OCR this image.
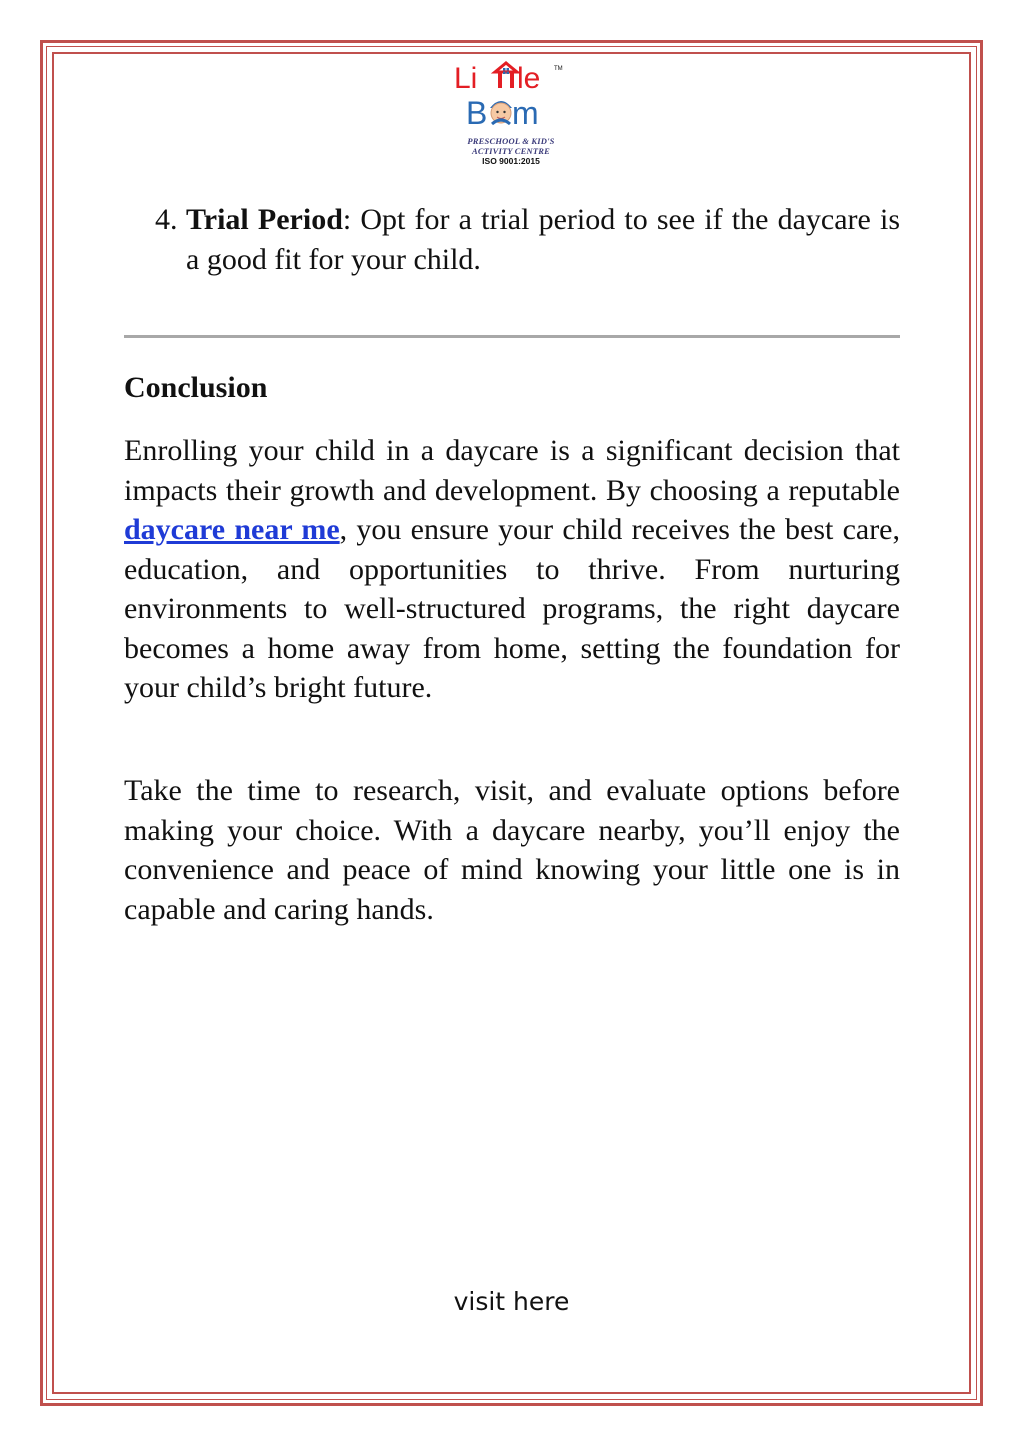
Li le TM
B m
PRESCHOOL & KID'S
ACTIVITY CENTRE
ISO 9001:2015
4. Trial Period: Opt for a trial period to see if the daycare is a good fit for your child.
Conclusion

Enrolling your child in a daycare is a significant decision that impacts their growth and development. By choosing a reputable daycare near me, you ensure your child receives the best care, education, and opportunities to thrive. From nurturing environments to well-structured programs, the right daycare becomes a home away from home, setting the foundation for your child’s bright future.

Take the time to research, visit, and evaluate options before making your choice. With a daycare nearby, you’ll enjoy the convenience and peace of mind knowing your little one is in capable and caring hands.

visit here
